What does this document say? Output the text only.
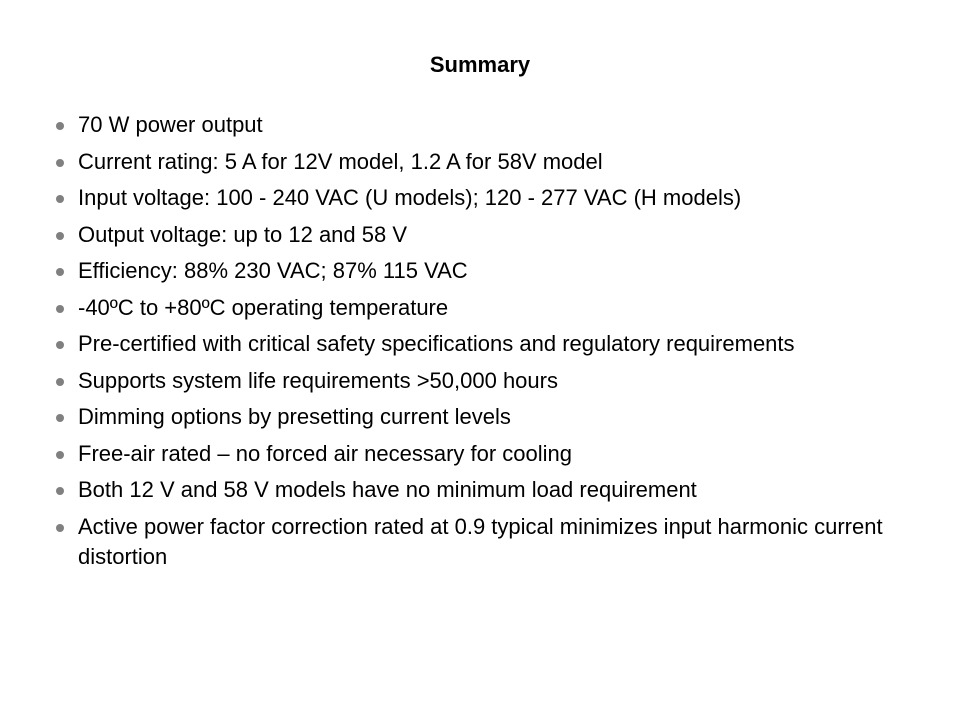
Summary
70 W power output
Current rating: 5 A for 12V model, 1.2 A for 58V model
Input voltage: 100 - 240 VAC (U models); 120 - 277 VAC (H models)
Output voltage: up to 12 and 58 V
Efficiency: 88% 230 VAC; 87% 115 VAC
-40ºC to +80ºC operating temperature
Pre-certified with critical safety specifications and regulatory requirements
Supports system life requirements >50,000 hours
Dimming options by presetting current levels
Free-air rated – no forced air necessary for cooling
Both 12 V and 58 V models have no minimum load requirement
Active power factor correction rated at 0.9 typical minimizes input harmonic current distortion
